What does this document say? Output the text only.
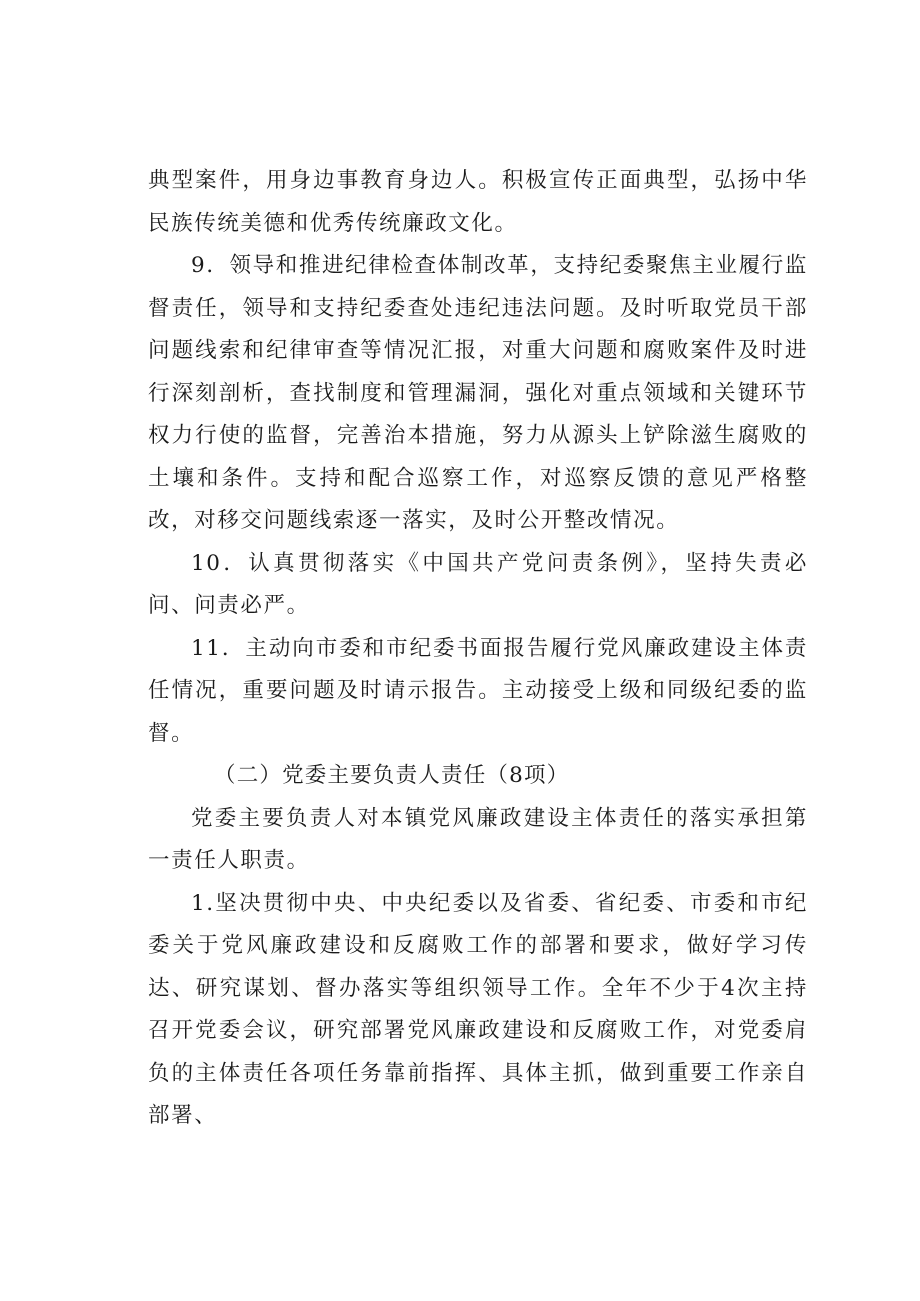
典型案件，用身边事教育身边人。积极宣传正面典型，弘扬中华民族传统美德和优秀传统廉政文化。

9．领导和推进纪律检查体制改革，支持纪委聚焦主业履行监督责任，领导和支持纪委查处违纪违法问题。及时听取党员干部问题线索和纪律审查等情况汇报，对重大问题和腐败案件及时进行深刻剖析，查找制度和管理漏洞，强化对重点领域和关键环节权力行使的监督，完善治本措施，努力从源头上铲除滋生腐败的土壤和条件。支持和配合巡察工作，对巡察反馈的意见严格整改，对移交问题线索逐一落实，及时公开整改情况。

10．认真贯彻落实《中国共产党问责条例》，坚持失责必问、问责必严。

11．主动向市委和市纪委书面报告履行党风廉政建设主体责任情况，重要问题及时请示报告。主动接受上级和同级纪委的监督。

（二）党委主要负责人责任（8项）

党委主要负责人对本镇党风廉政建设主体责任的落实承担第一责任人职责。

1.坚决贯彻中央、中央纪委以及省委、省纪委、市委和市纪委关于党风廉政建设和反腐败工作的部署和要求，做好学习传达、研究谋划、督办落实等组织领导工作。全年不少于4次主持召开党委会议，研究部署党风廉政建设和反腐败工作，对党委肩负的主体责任各项任务靠前指挥、具体主抓，做到重要工作亲自部署、
